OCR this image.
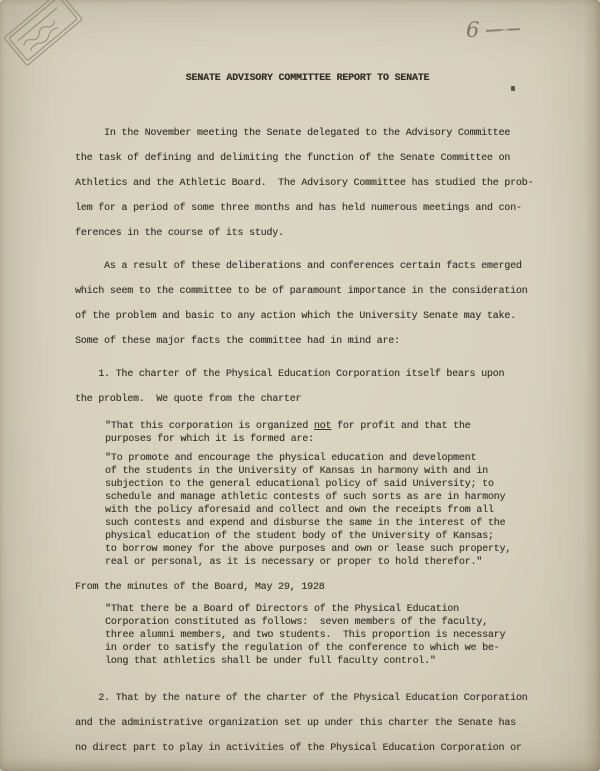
6
SENATE ADVISORY COMMITTEE REPORT TO SENATE
In the November meeting the Senate delegated to the Advisory Committee
the task of defining and delimiting the function of the Senate Committee on
Athletics and the Athletic Board.  The Advisory Committee has studied the prob-
lem for a period of some three months and has held numerous meetings and con-
ferences in the course of its study.
As a result of these deliberations and conferences certain facts emerged
which seem to the committee to be of paramount importance in the consideration
of the problem and basic to any action which the University Senate may take.
Some of these major facts the committee had in mind are:
1. The charter of the Physical Education Corporation itself bears upon
the problem.  We quote from the charter
"That this corporation is organized not for profit and that the
purposes for which it is formed are:
"To promote and encourage the physical education and development
of the students in the University of Kansas in harmony with and in
subjection to the general educational policy of said University; to
schedule and manage athletic contests of such sorts as are in harmony
with the policy aforesaid and collect and own the receipts from all
such contests and expend and disburse the same in the interest of the
physical education of the student body of the University of Kansas;
to borrow money for the above purposes and own or lease such property,
real or personal, as it is necessary or proper to hold therefor."
From the minutes of the Board, May 29, 1928
"That there be a Board of Directors of the Physical Education
Corporation constituted as follows:  seven members of the faculty,
three alumni members, and two students.  This proportion is necessary
in order to satisfy the regulation of the conference to which we be-
long that athletics shall be under full faculty control."
2. That by the nature of the charter of the Physical Education Corporation
and the administrative organization set up under this charter the Senate has
no direct part to play in activities of the Physical Education Corporation or
